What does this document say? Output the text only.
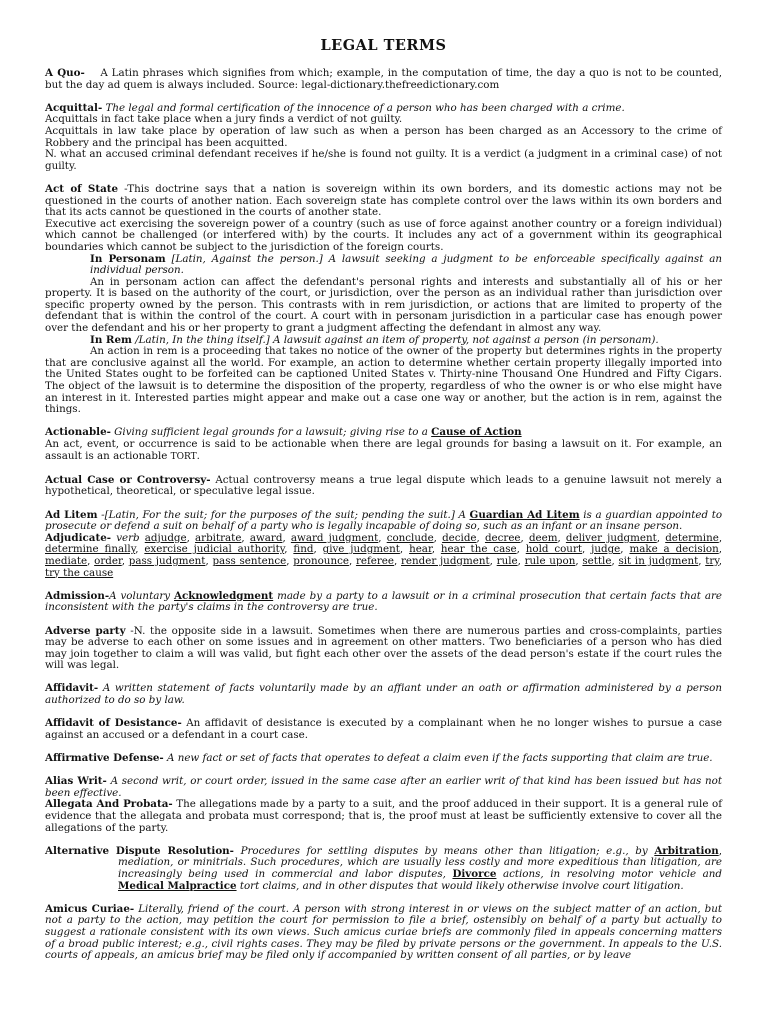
LEGAL TERMS

A Quo- A Latin phrases which signifies from which; example, in the computation of time, the day a quo is not to be counted, but the day ad quem is always included. Source: legal-dictionary.thefreedictionary.com

Acquittal- The legal and formal certification of the innocence of a person who has been charged with a crime.

Acquittals in fact take place when a jury finds a verdict of not guilty.

Acquittals in law take place by operation of law such as when a person has been charged as an Accessory to the crime of Robbery and the principal has been acquitted.

N. what an accused criminal defendant receives if he/she is found not guilty. It is a verdict (a judgment in a criminal case) of not guilty.

Act of State -This doctrine says that a nation is sovereign within its own borders, and its domestic actions may not be questioned in the courts of another nation. Each sovereign state has complete control over the laws within its own borders and that its acts cannot be questioned in the courts of another state.

Executive act exercising the sovereign power of a country (such as use of force against another country or a foreign individual) which cannot be challenged (or interfered with) by the courts. It includes any act of a government within its geographical boundaries which cannot be subject to the jurisdiction of the foreign courts.

In Personam [Latin, Against the person.] A lawsuit seeking a judgment to be enforceable specifically against an individual person.

An in personam action can affect the defendant's personal rights and interests and substantially all of his or her property. It is based on the authority of the court, or jurisdiction, over the person as an individual rather than jurisdiction over specific property owned by the person. This contrasts with in rem jurisdiction, or actions that are limited to property of the defendant that is within the control of the court. A court with in personam jurisdiction in a particular case has enough power over the defendant and his or her property to grant a judgment affecting the defendant in almost any way.

In Rem /Latin, In the thing itself.] A lawsuit against an item of property, not against a person (in personam).

An action in rem is a proceeding that takes no notice of the owner of the property but determines rights in the property that are conclusive against all the world. For example, an action to determine whether certain property illegally imported into the United States ought to be forfeited can be captioned United States v. Thirty-nine Thousand One Hundred and Fifty Cigars. The object of the lawsuit is to determine the disposition of the property, regardless of who the owner is or who else might have an interest in it. Interested parties might appear and make out a case one way or another, but the action is in rem, against the things.

Actionable- Giving sufficient legal grounds for a lawsuit; giving rise to a Cause of Action

An act, event, or occurrence is said to be actionable when there are legal grounds for basing a lawsuit on it. For example, an assault is an actionable TORT.

Actual Case or Controversy- Actual controversy means a true legal dispute which leads to a genuine lawsuit not merely a hypothetical, theoretical, or speculative legal issue.

Ad Litem -[Latin, For the suit; for the purposes of the suit; pending the suit.] A Guardian Ad Litem is a guardian appointed to prosecute or defend a suit on behalf of a party who is legally incapable of doing so, such as an infant or an insane person.

Adjudicate- verb adjudge, arbitrate, award, award judgment, conclude, decide, decree, deem, deliver judgment, determine, determine finally, exercise judicial authority, find, give judgment, hear, hear the case, hold court, judge, make a decision, mediate, order, pass judgment, pass sentence, pronounce, referee, render judgment, rule, rule upon, settle, sit in judgment, try, try the cause

Admission-A voluntary Acknowledgment made by a party to a lawsuit or in a criminal prosecution that certain facts that are inconsistent with the party's claims in the controversy are true.

Adverse party -N. the opposite side in a lawsuit. Sometimes when there are numerous parties and cross-complaints, parties may be adverse to each other on some issues and in agreement on other matters. Two beneficiaries of a person who has died may join together to claim a will was valid, but fight each other over the assets of the dead person's estate if the court rules the will was legal.

Affidavit- A written statement of facts voluntarily made by an affiant under an oath or affirmation administered by a person authorized to do so by law.

Affidavit of Desistance- An affidavit of desistance is executed by a complainant when he no longer wishes to pursue a case against an accused or a defendant in a court case.

Affirmative Defense- A new fact or set of facts that operates to defeat a claim even if the facts supporting that claim are true.

Alias Writ- A second writ, or court order, issued in the same case after an earlier writ of that kind has been issued but has not been effective.

Allegata And Probata- The allegations made by a party to a suit, and the proof adduced in their support. It is a general rule of evidence that the allegata and probata must correspond; that is, the proof must at least be sufficiently extensive to cover all the allegations of the party.

Alternative Dispute Resolution- Procedures for settling disputes by means other than litigation; e.g., by Arbitration, mediation, or minitrials. Such procedures, which are usually less costly and more expeditious than litigation, are increasingly being used in commercial and labor disputes, Divorce actions, in resolving motor vehicle and Medical Malpractice tort claims, and in other disputes that would likely otherwise involve court litigation.

Amicus Curiae- Literally, friend of the court. A person with strong interest in or views on the subject matter of an action, but not a party to the action, may petition the court for permission to file a brief, ostensibly on behalf of a party but actually to suggest a rationale consistent with its own views. Such amicus curiae briefs are commonly filed in appeals concerning matters of a broad public interest; e.g., civil rights cases. They may be filed by private persons or the government. In appeals to the U.S. courts of appeals, an amicus brief may be filed only if accompanied by written consent of all parties, or by leave
